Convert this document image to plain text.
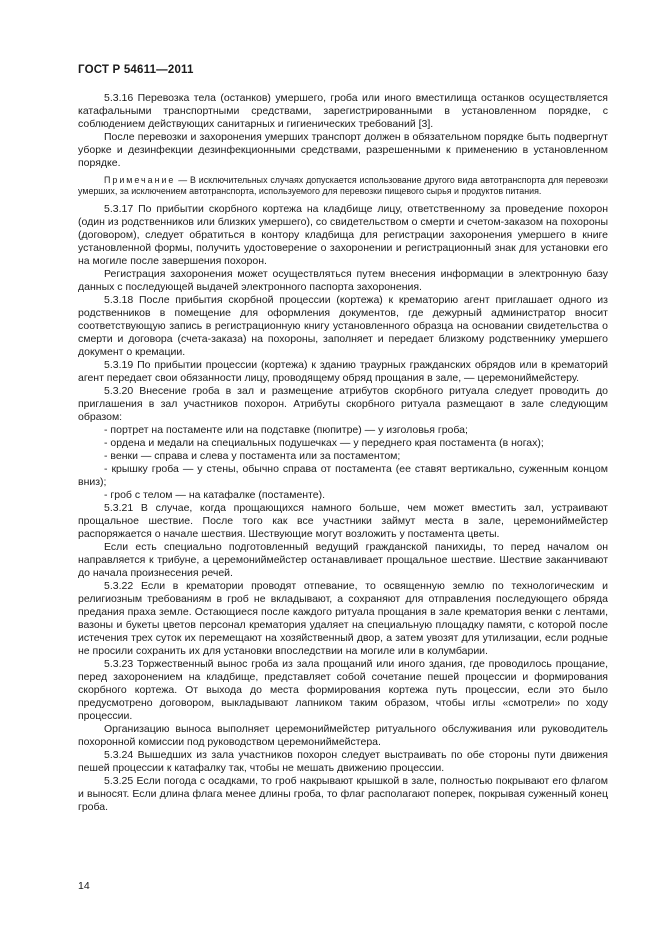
ГОСТ Р 54611—2011

5.3.16 Перевозка тела (останков) умершего, гроба или иного вместилища останков осуществляется катафальными транспортными средствами, зарегистрированными в установленном порядке, с соблюдением действующих санитарных и гигиенических требований [3].

После перевозки и захоронения умерших транспорт должен в обязательном порядке быть подвергнут уборке и дезинфекции дезинфекционными средствами, разрешенными к применению в установленном порядке.

Примечание — В исключительных случаях допускается использование другого вида автотранспорта для перевозки умерших, за исключением автотранспорта, используемого для перевозки пищевого сырья и продуктов питания.

5.3.17 По прибытии скорбного кортежа на кладбище лицу, ответственному за проведение похорон (один из родственников или близких умершего), со свидетельством о смерти и счетом-заказом на похороны (договором), следует обратиться в контору кладбища для регистрации захоронения умершего в книге установленной формы, получить удостоверение о захоронении и регистрационный знак для установки его на могиле после завершения похорон.

Регистрация захоронения может осуществляться путем внесения информации в электронную базу данных с последующей выдачей электронного паспорта захоронения.

5.3.18 После прибытия скорбной процессии (кортежа) к крематорию агент приглашает одного из родственников в помещение для оформления документов, где дежурный администратор вносит соответствующую запись в регистрационную книгу установленного образца на основании свидетельства о смерти и договора (счета-заказа) на похороны, заполняет и передает близкому родственнику умершего документ о кремации.

5.3.19 По прибытии процессии (кортежа) к зданию траурных гражданских обрядов или в крематорий агент передает свои обязанности лицу, проводящему обряд прощания в зале, — церемониймейстеру.

5.3.20 Внесение гроба в зал и размещение атрибутов скорбного ритуала следует проводить до приглашения в зал участников похорон. Атрибуты скорбного ритуала размещают в зале следующим образом:

- портрет на постаменте или на подставке (пюпитре) — у изголовья гроба;

- ордена и медали на специальных подушечках — у переднего края постамента (в ногах);

- венки — справа и слева у постамента или за постаментом;

- крышку гроба — у стены, обычно справа от постамента (ее ставят вертикально, суженным концом вниз);

- гроб с телом — на катафалке (постаменте).

5.3.21 В случае, когда прощающихся намного больше, чем может вместить зал, устраивают прощальное шествие. После того как все участники займут места в зале, церемониймейстер распоряжается о начале шествия. Шествующие могут возложить у постамента цветы.

Если есть специально подготовленный ведущий гражданской панихиды, то перед началом он направляется к трибуне, а церемониймейстер останавливает прощальное шествие. Шествие заканчивают до начала произнесения речей.

5.3.22 Если в крематории проводят отпевание, то освященную землю по технологическим и религиозным требованиям в гроб не вкладывают, а сохраняют для отправления последующего обряда предания праха земле. Остающиеся после каждого ритуала прощания в зале крематория венки с лентами, вазоны и букеты цветов персонал крематория удаляет на специальную площадку памяти, с которой после истечения трех суток их перемещают на хозяйственный двор, а затем увозят для утилизации, если родные не просили сохранить их для установки впоследствии на могиле или в колумбарии.

5.3.23 Торжественный вынос гроба из зала прощаний или иного здания, где проводилось прощание, перед захоронением на кладбище, представляет собой сочетание пешей процессии и формирования скорбного кортежа. От выхода до места формирования кортежа путь процессии, если это было предусмотрено договором, выкладывают лапником таким образом, чтобы иглы «смотрели» по ходу процессии.

Организацию выноса выполняет церемониймейстер ритуального обслуживания или руководитель похоронной комиссии под руководством церемониймейстера.

5.3.24 Вышедших из зала участников похорон следует выстраивать по обе стороны пути движения пешей процессии к катафалку так, чтобы не мешать движению процессии.

5.3.25 Если погода с осадками, то гроб накрывают крышкой в зале, полностью покрывают его флагом и выносят. Если длина флага менее длины гроба, то флаг располагают поперек, покрывая суженный конец гроба.

14
